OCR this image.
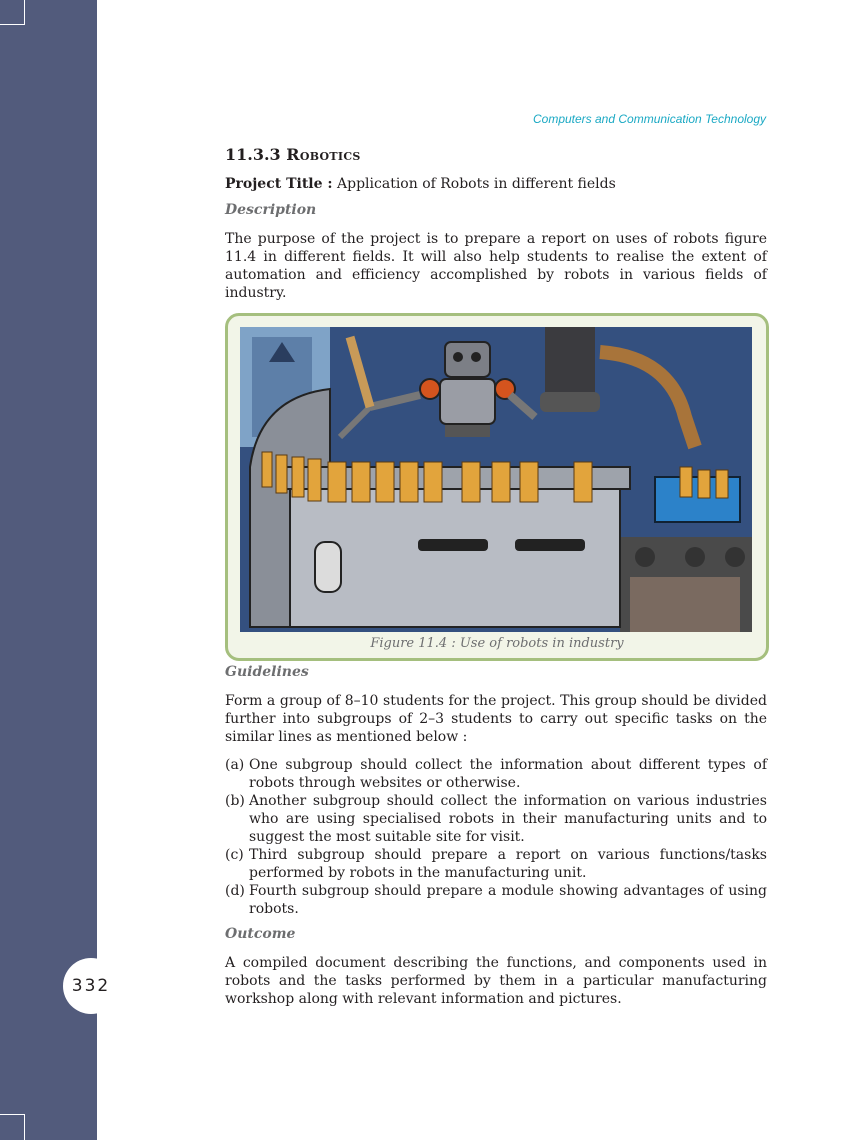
332
Computers and Communication Technology
11.3.3 Robotics
Project Title : Application of Robots in different fields
Description

The purpose of the project is to prepare a report on uses of robots figure 11.4 in different fields. It will also help students to realise the extent of automation and efficiency accomplished by robots in various fields of industry.

Figure 11.4 : Use of robots in industry
Guidelines

Form a group of 8–10 students for the project. This group should be divided further into subgroups of 2–3 students to carry out specific tasks on the similar lines as mentioned below :

(a) One subgroup should collect the information about different types of robots through websites or otherwise.
(b) Another subgroup should collect the information on various industries who are using specialised robots in their manufacturing units and to suggest the most suitable site for visit.
(c) Third subgroup should prepare a report on various functions/tasks performed by robots in the manufacturing unit.
(d) Fourth subgroup should prepare a module showing advantages of using robots.
Outcome

A compiled document describing the functions, and components used in robots and the tasks performed by them in a particular manufacturing workshop along with relevant information and pictures.
